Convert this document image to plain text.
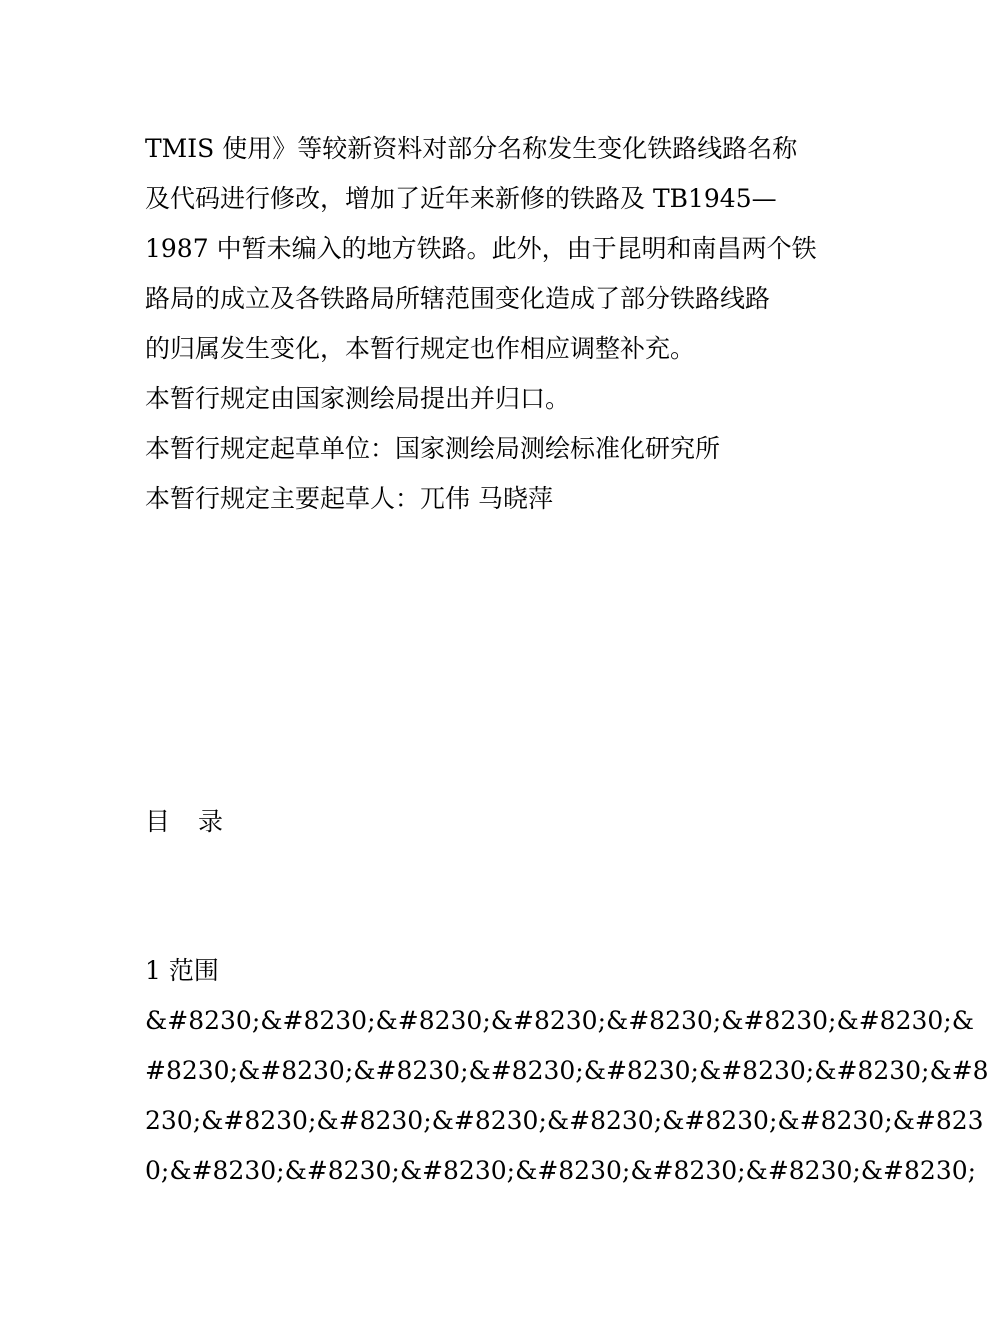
TMIS 使用》等较新资料对部分名称发生变化铁路线路名称
及代码进行修改，增加了近年来新修的铁路及 TB1945—
1987 中暂未编入的地方铁路。此外，由于昆明和南昌两个铁
路局的成立及各铁路局所辖范围变化造成了部分铁路线路
的归属发生变化，本暂行规定也作相应调整补充。
本暂行规定由国家测绘局提出并归口。
本暂行规定起草单位：国家测绘局测绘标准化研究所
本暂行规定主要起草人：兀伟 马晓萍
目录
1 范围
&#8230;&#8230;&#8230;&#8230;&#8230;&#8230;&#8230;&
#8230;&#8230;&#8230;&#8230;&#8230;&#8230;&#8230;&#8
230;&#8230;&#8230;&#8230;&#8230;&#8230;&#8230;&#823
0;&#8230;&#8230;&#8230;&#8230;&#8230;&#8230;&#8230;
